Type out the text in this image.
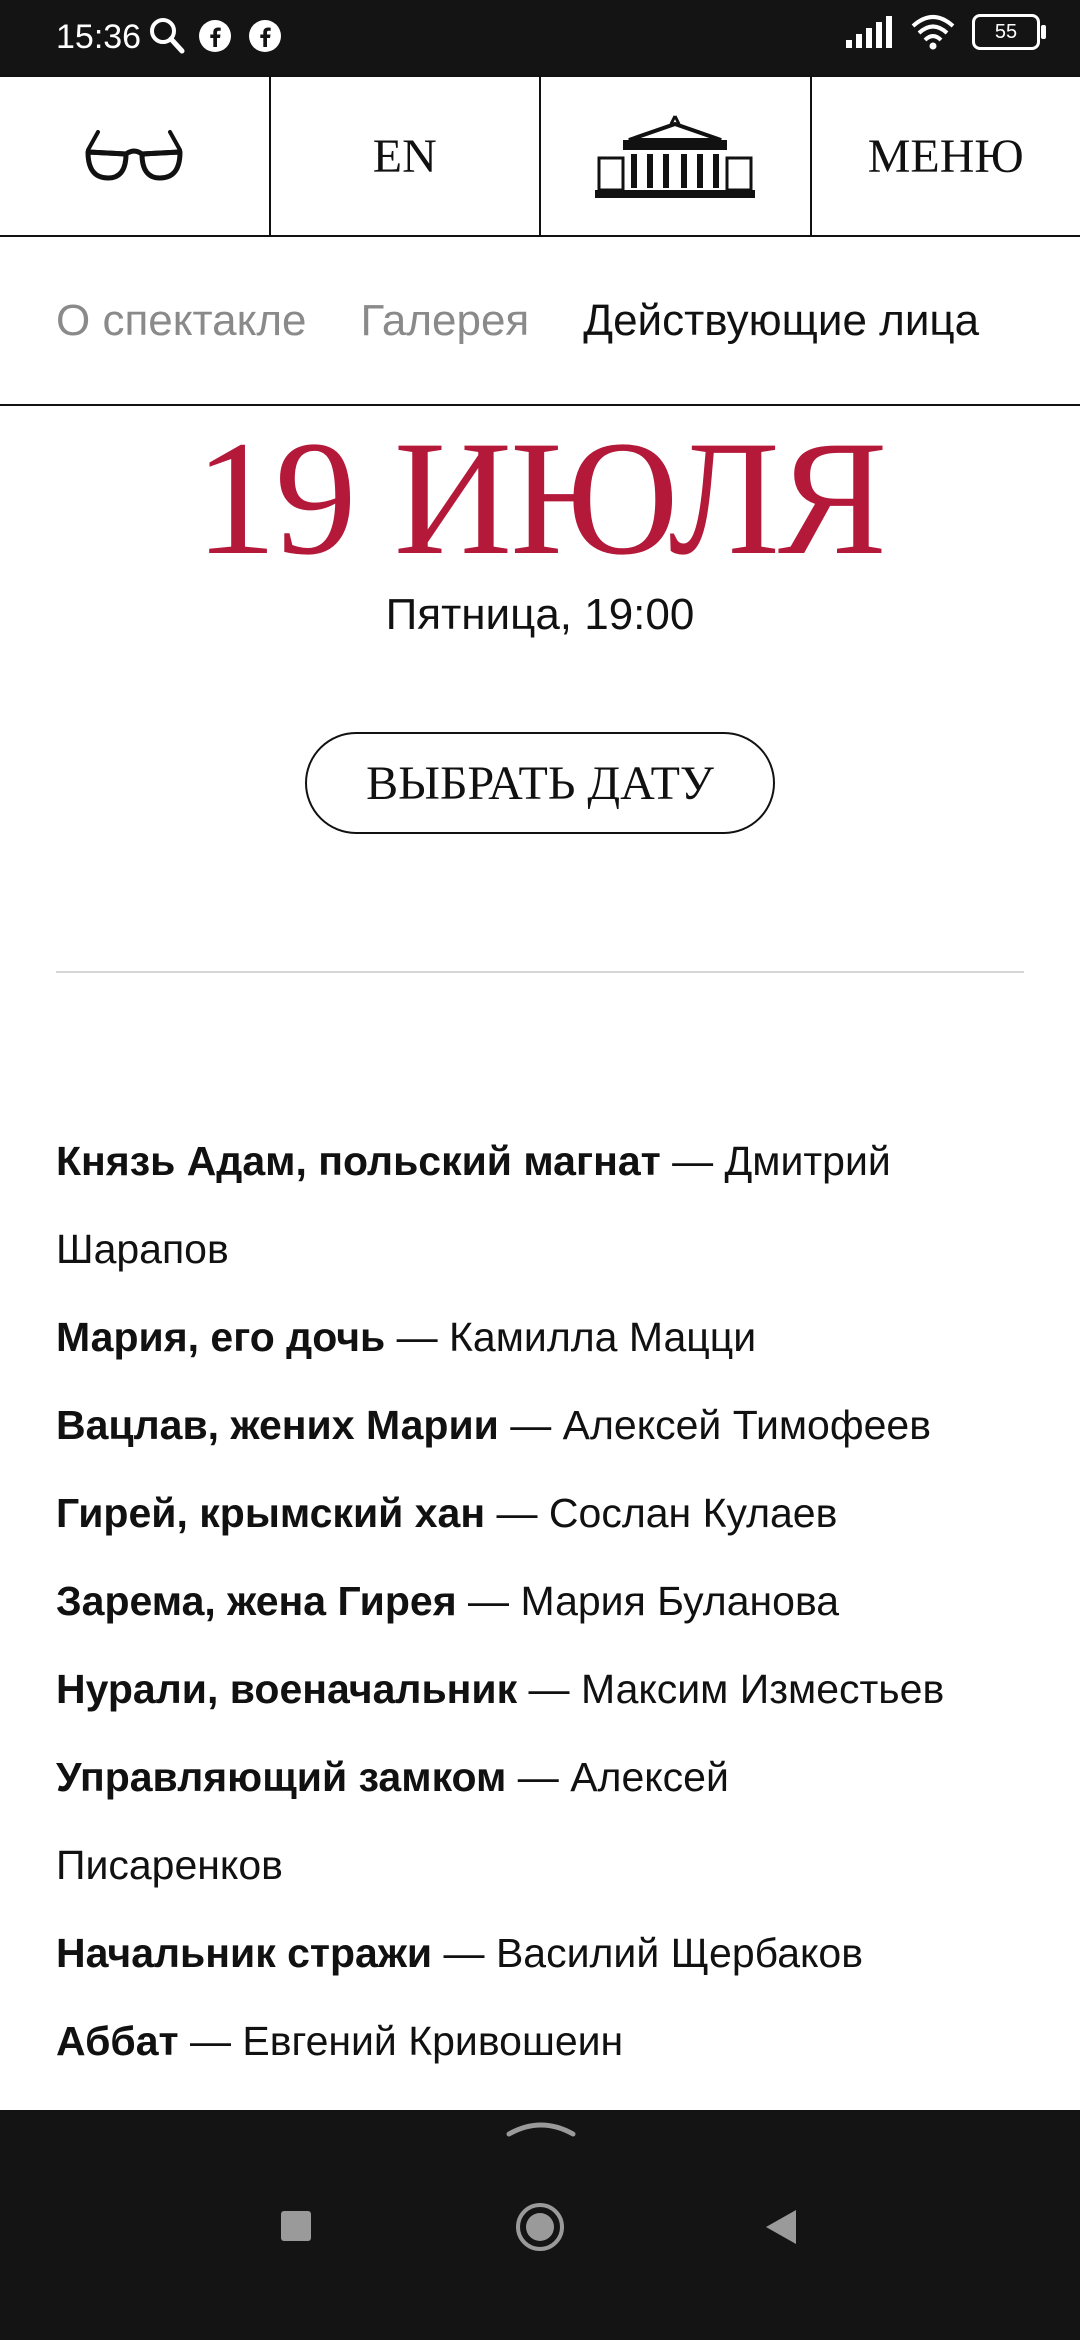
15:36	55
EN	МЕНЮ
О спектакле Галерея Действующие лица
19 ИЮЛЯ
Пятница, 19:00
ВЫБРАТЬ ДАТУ
Князь Адам, польский магнат — Дмитрий
Шарапов
Мария, его дочь — Камилла Мацци
Вацлав, жених Марии — Алексей Тимофеев
Гирей, крымский хан — Сослан Кулаев
Зарема, жена Гирея — Мария Буланова
Нурали, военачальник — Максим Изместьев
Управляющий замком — Алексей
Писаренков
Начальник стражи — Василий Щербаков
Аббат — Евгений Кривошеин
